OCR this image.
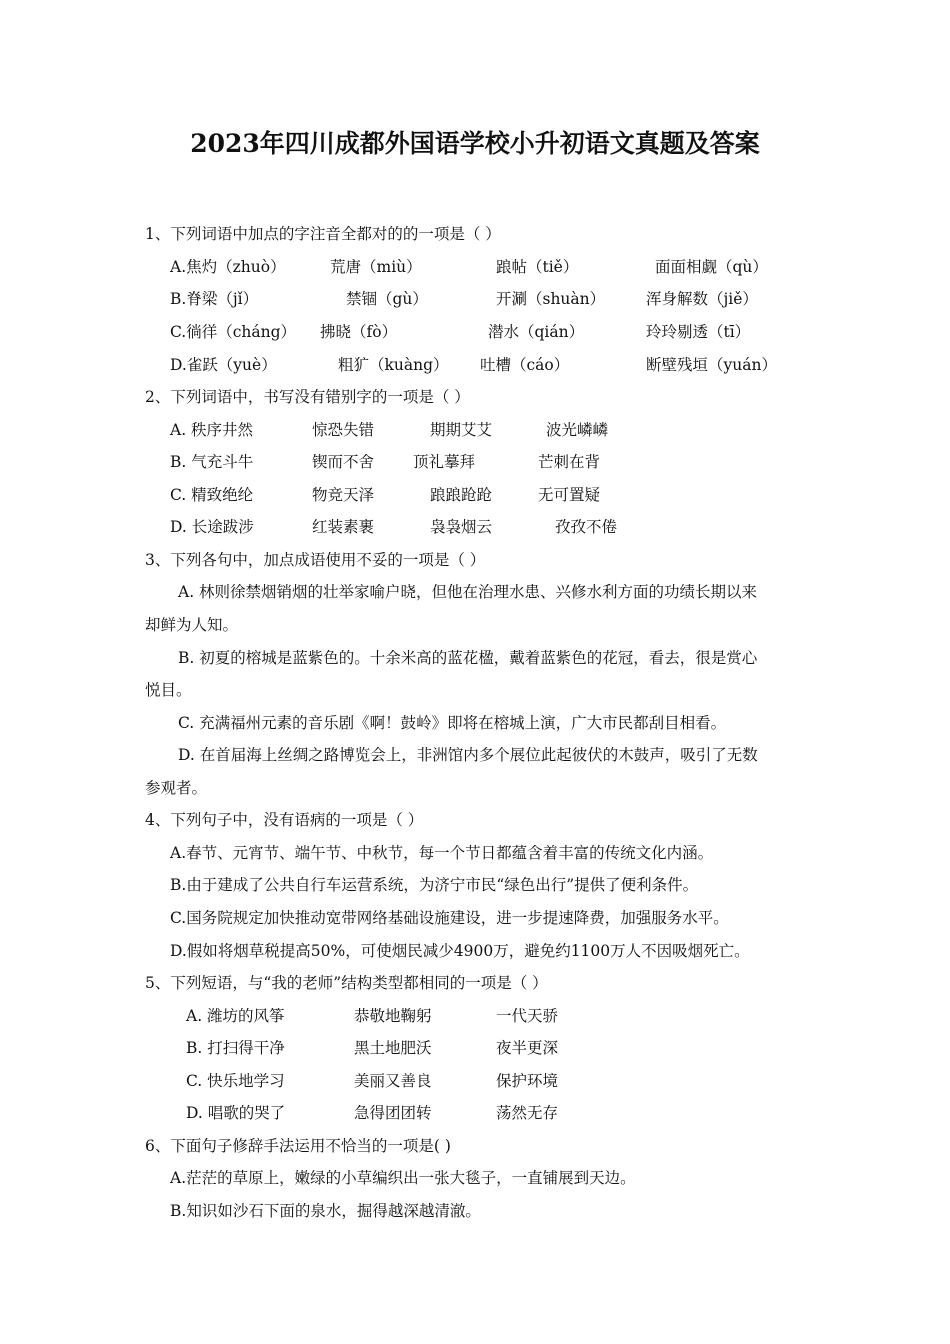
2023年四川成都外国语学校小升初语文真题及答案
1、下列词语中加点的字注音全都对的的一项是（ ）
A.焦灼（zhuò）	荒唐（miù）	踉帖（tiě）	面面相觑（qù）
B.脊梁（jǐ）	禁锢（gù）	开涮（shuàn）	浑身解数（jiě）
C.徜徉（cháng） 拂晓（fò）	潜水（qián）	玲玲剔透（tī）
D.雀跃（yuè）	粗犷（kuàng） 吐槽（cáo）	断壁残垣（yuán）
2、下列词语中，书写没有错别字的一项是（ ）
A. 秩序井然	惊恐失错	期期艾艾	波光嶙嶙
B. 气充斗牛	锲而不舍	顶礼摹拜	芒刺在背
C. 精致绝纶	物竞天泽	踉踉跄跄	无可置疑
D. 长途跋涉	红装素裹	袅袅烟云	孜孜不倦
3、下列各句中，加点成语使用不妥的一项是（ ）
A. 林则徐禁烟销烟的壮举家喻户晓，但他在治理水患、兴修水利方面的功绩长期以来
却鲜为人知。
B. 初夏的榕城是蓝紫色的。十余米高的蓝花楹，戴着蓝紫色的花冠，看去，很是赏心
悦目。
C. 充满福州元素的音乐剧《啊！鼓岭》即将在榕城上演，广大市民都刮目相看。
D. 在首届海上丝绸之路博览会上，非洲馆内多个展位此起彼伏的木鼓声，吸引了无数
参观者。
4、下列句子中，没有语病的一项是（ ）
A.春节、元宵节、端午节、中秋节，每一个节日都蕴含着丰富的传统文化内涵。
B.由于建成了公共自行车运营系统，为济宁市民“绿色出行”提供了便利条件。
C.国务院规定加快推动宽带网络基础设施建设，进一步提速降费，加强服务水平。
D.假如将烟草税提高50%，可使烟民减少4900万，避免约1100万人不因吸烟死亡。
5、下列短语，与“我的老师”结构类型都相同的一项是（ ）
A. 潍坊的风筝	恭敬地鞠躬	一代天骄
B. 打扫得干净	黑土地肥沃	夜半更深
C. 快乐地学习	美丽又善良	保护环境
D. 唱歌的哭了	急得团团转	荡然无存
6、下面句子修辞手法运用不恰当的一项是( )
A.茫茫的草原上，嫩绿的小草编织出一张大毯子，一直铺展到天边。
B.知识如沙石下面的泉水，掘得越深越清澈。
